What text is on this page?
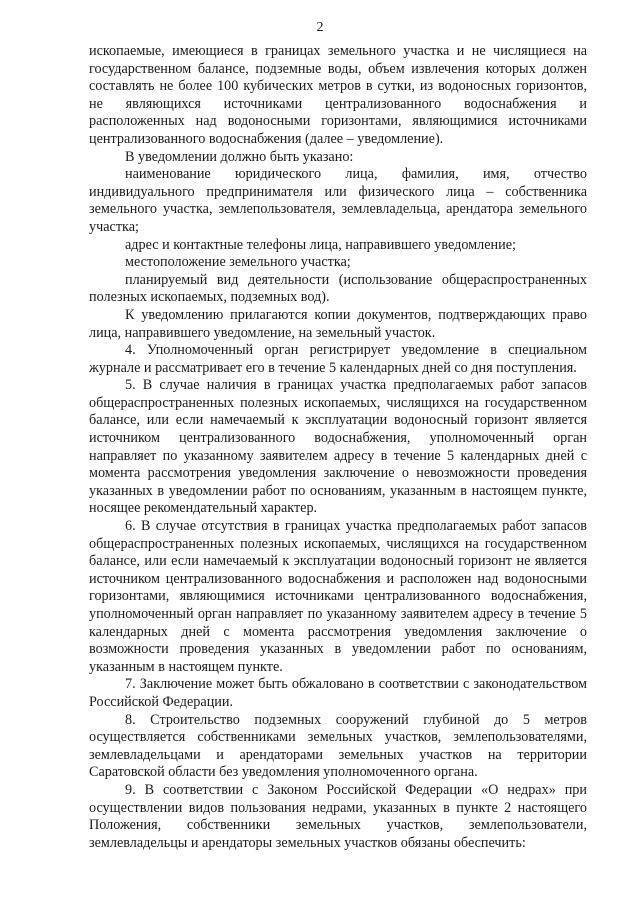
2

ископаемые, имеющиеся в границах земельного участка и не числящиеся на государственном балансе, подземные воды, объем извлечения которых должен составлять не более 100 кубических метров в сутки, из водоносных горизонтов, не являющихся источниками централизованного водоснабжения и расположенных над водоносными горизонтами, являющимися источниками централизованного водоснабжения (далее – уведомление).

В уведомлении должно быть указано:

наименование юридического лица, фамилия, имя, отчество индивидуального предпринимателя или физического лица – собственника земельного участка, землепользователя, землевладельца, арендатора земельного участка;

адрес и контактные телефоны лица, направившего уведомление;

местоположение земельного участка;

планируемый вид деятельности (использование общераспространенных полезных ископаемых, подземных вод).

К уведомлению прилагаются копии документов, подтверждающих право лица, направившего уведомление, на земельный участок.

4. Уполномоченный орган регистрирует уведомление в специальном журнале и рассматривает его в течение 5 календарных дней со дня поступления.

5. В случае наличия в границах участка предполагаемых работ запасов общераспространенных полезных ископаемых, числящихся на государственном балансе, или если намечаемый к эксплуатации водоносный горизонт является источником централизованного водоснабжения, уполномоченный орган направляет по указанному заявителем адресу в течение 5 календарных дней с момента рассмотрения уведомления заключение о невозможности проведения указанных в уведомлении работ по основаниям, указанным в настоящем пункте, носящее рекомендательный характер.

6. В случае отсутствия в границах участка предполагаемых работ запасов общераспространенных полезных ископаемых, числящихся на государственном балансе, или если намечаемый к эксплуатации водоносный горизонт не является источником централизованного водоснабжения и расположен над водоносными горизонтами, являющимися источниками централизованного водоснабжения, уполномоченный орган направляет по указанному заявителем адресу в течение 5 календарных дней с момента рассмотрения уведомления заключение о возможности проведения указанных в уведомлении работ по основаниям, указанным в настоящем пункте.

7. Заключение может быть обжаловано в соответствии с законодательством Российской Федерации.

8. Строительство подземных сооружений глубиной до 5 метров осуществляется собственниками земельных участков, землепользователями, землевладельцами и арендаторами земельных участков на территории Саратовской области без уведомления уполномоченного органа.

9. В соответствии с Законом Российской Федерации «О недрах» при осуществлении видов пользования недрами, указанных в пункте 2 настоящего Положения, собственники земельных участков, землепользователи, землевладельцы и арендаторы земельных участков обязаны обеспечить:
